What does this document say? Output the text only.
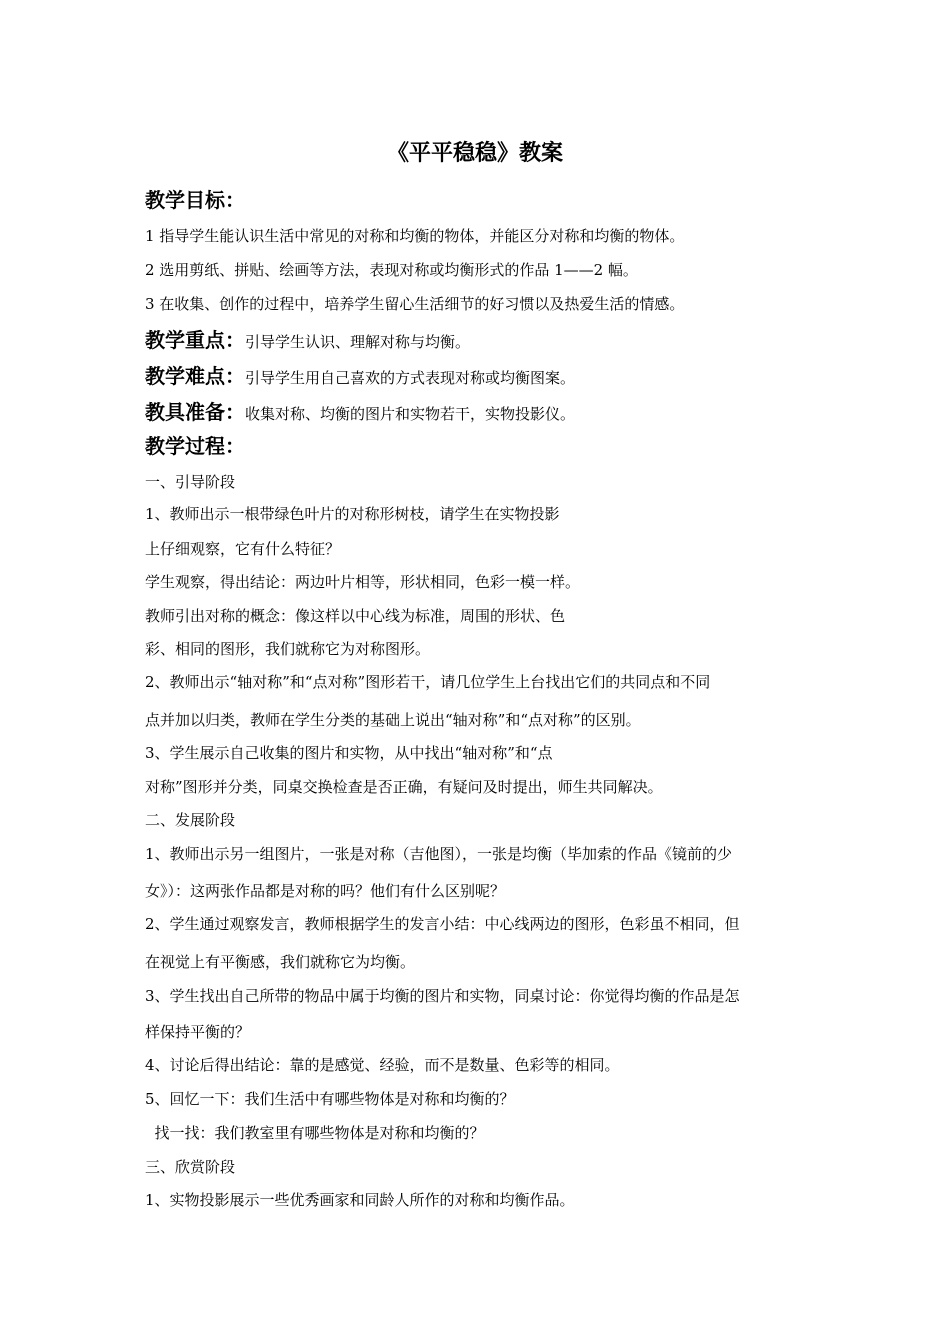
《平平稳稳》教案
教学目标：
1 指导学生能认识生活中常见的对称和均衡的物体，并能区分对称和均衡的物体。
2 选用剪纸、拼贴、绘画等方法，表现对称或均衡形式的作品 1——2 幅。
3 在收集、创作的过程中，培养学生留心生活细节的好习惯以及热爱生活的情感。
教学重点：引导学生认识、理解对称与均衡。
教学难点：引导学生用自己喜欢的方式表现对称或均衡图案。
教具准备：收集对称、均衡的图片和实物若干，实物投影仪。
教学过程：
一、引导阶段
1、教师出示一根带绿色叶片的对称形树枝，请学生在实物投影
上仔细观察，它有什么特征？
学生观察，得出结论：两边叶片相等，形状相同，色彩一模一样。
教师引出对称的概念：像这样以中心线为标准，周围的形状、色
彩、相同的图形，我们就称它为对称图形。
2、教师出示“轴对称”和“点对称”图形若干，请几位学生上台找出它们的共同点和不同
点并加以归类，教师在学生分类的基础上说出“轴对称”和“点对称”的区别。
3、学生展示自己收集的图片和实物，从中找出“轴对称”和“点
对称”图形并分类，同桌交换检查是否正确，有疑问及时提出，师生共同解决。
二、发展阶段
1、教师出示另一组图片，一张是对称（吉他图），一张是均衡（毕加索的作品《镜前的少
女》）：这两张作品都是对称的吗？他们有什么区别呢？
2、学生通过观察发言，教师根据学生的发言小结：中心线两边的图形，色彩虽不相同，但
在视觉上有平衡感，我们就称它为均衡。
3、学生找出自己所带的物品中属于均衡的图片和实物，同桌讨论：你觉得均衡的作品是怎
样保持平衡的？
4、讨论后得出结论：靠的是感觉、经验，而不是数量、色彩等的相同。
5、回忆一下：我们生活中有哪些物体是对称和均衡的？
找一找：我们教室里有哪些物体是对称和均衡的？
三、欣赏阶段
1、实物投影展示一些优秀画家和同龄人所作的对称和均衡作品。
